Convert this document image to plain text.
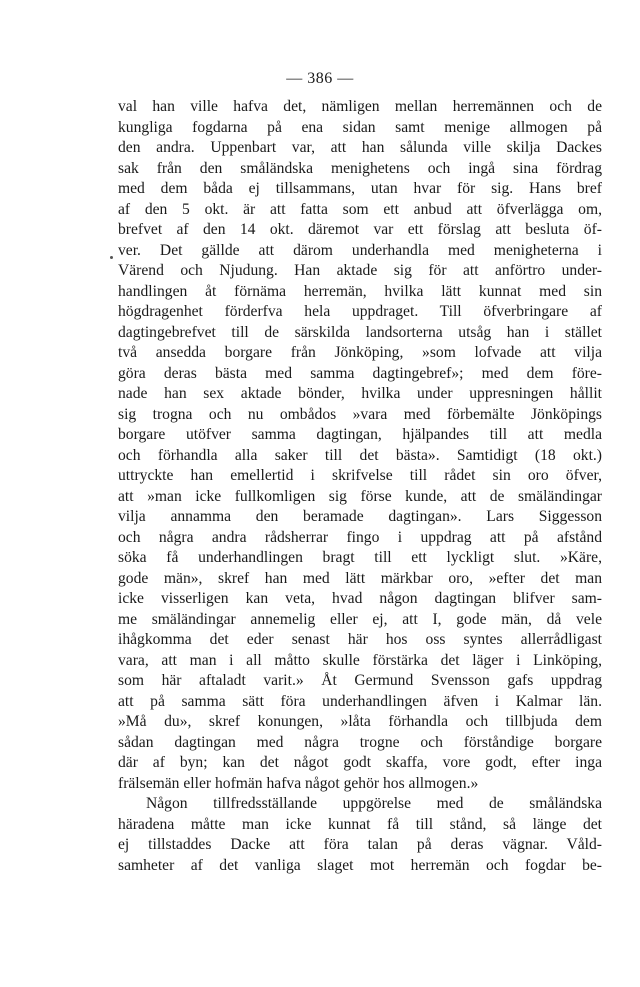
— 386 —
val han ville hafva det, nämligen mellan herremännen och de
kungliga fogdarna på ena sidan samt menige allmogen på
den andra. Uppenbart var, att han sålunda ville skilja Dackes
sak från den småländska menighetens och ingå sina fördrag
med dem båda ej tillsammans, utan hvar för sig. Hans bref
af den 5 okt. är att fatta som ett anbud att öfverlägga om,
brefvet af den 14 okt. däremot var ett förslag att besluta öf-
ver. Det gällde att därom underhandla med menigheterna i
Värend och Njudung. Han aktade sig för att anförtro under-
handlingen åt förnäma herremän, hvilka lätt kunnat med sin
högdragenhet förderfva hela uppdraget. Till öfverbringare af
dagtingebrefvet till de särskilda landsorterna utsåg han i stället
två ansedda borgare från Jönköping, »som lofvade att vilja
göra deras bästa med samma dagtingebref»; med dem före-
nade han sex aktade bönder, hvilka under uppresningen hållit
sig trogna och nu ombådos »vara med förbemälte Jönköpings
borgare utöfver samma dagtingan, hjälpandes till att medla
och förhandla alla saker till det bästa». Samtidigt (18 okt.)
uttryckte han emellertid i skrifvelse till rådet sin oro öfver,
att »man icke fullkomligen sig förse kunde, att de smäländingar
vilja annamma den beramade dagtingan». Lars Siggesson
och några andra rådsherrar fingo i uppdrag att på afstånd
söka få underhandlingen bragt till ett lyckligt slut. »Käre,
gode män», skref han med lätt märkbar oro, »efter det man
icke visserligen kan veta, hvad någon dagtingan blifver sam-
me smäländingar annemelig eller ej, att I, gode män, då vele
ihågkomma det eder senast här hos oss syntes allerrådligast
vara, att man i all måtto skulle förstärka det läger i Linköping,
som här aftaladt varit.» Åt Germund Svensson gafs uppdrag
att på samma sätt föra underhandlingen äfven i Kalmar län.
»Må du», skref konungen, »låta förhandla och tillbjuda dem
sådan dagtingan med några trogne och förståndige borgare
där af byn; kan det något godt skaffa, vore godt, efter inga
frälsemän eller hofmän hafva något gehör hos allmogen.»
Någon tillfredsställande uppgörelse med de småländska
häradena måtte man icke kunnat få till stånd, så länge det
ej tillstaddes Dacke att föra talan på deras vägnar. Våld-
samheter af det vanliga slaget mot herremän och fogdar be-
